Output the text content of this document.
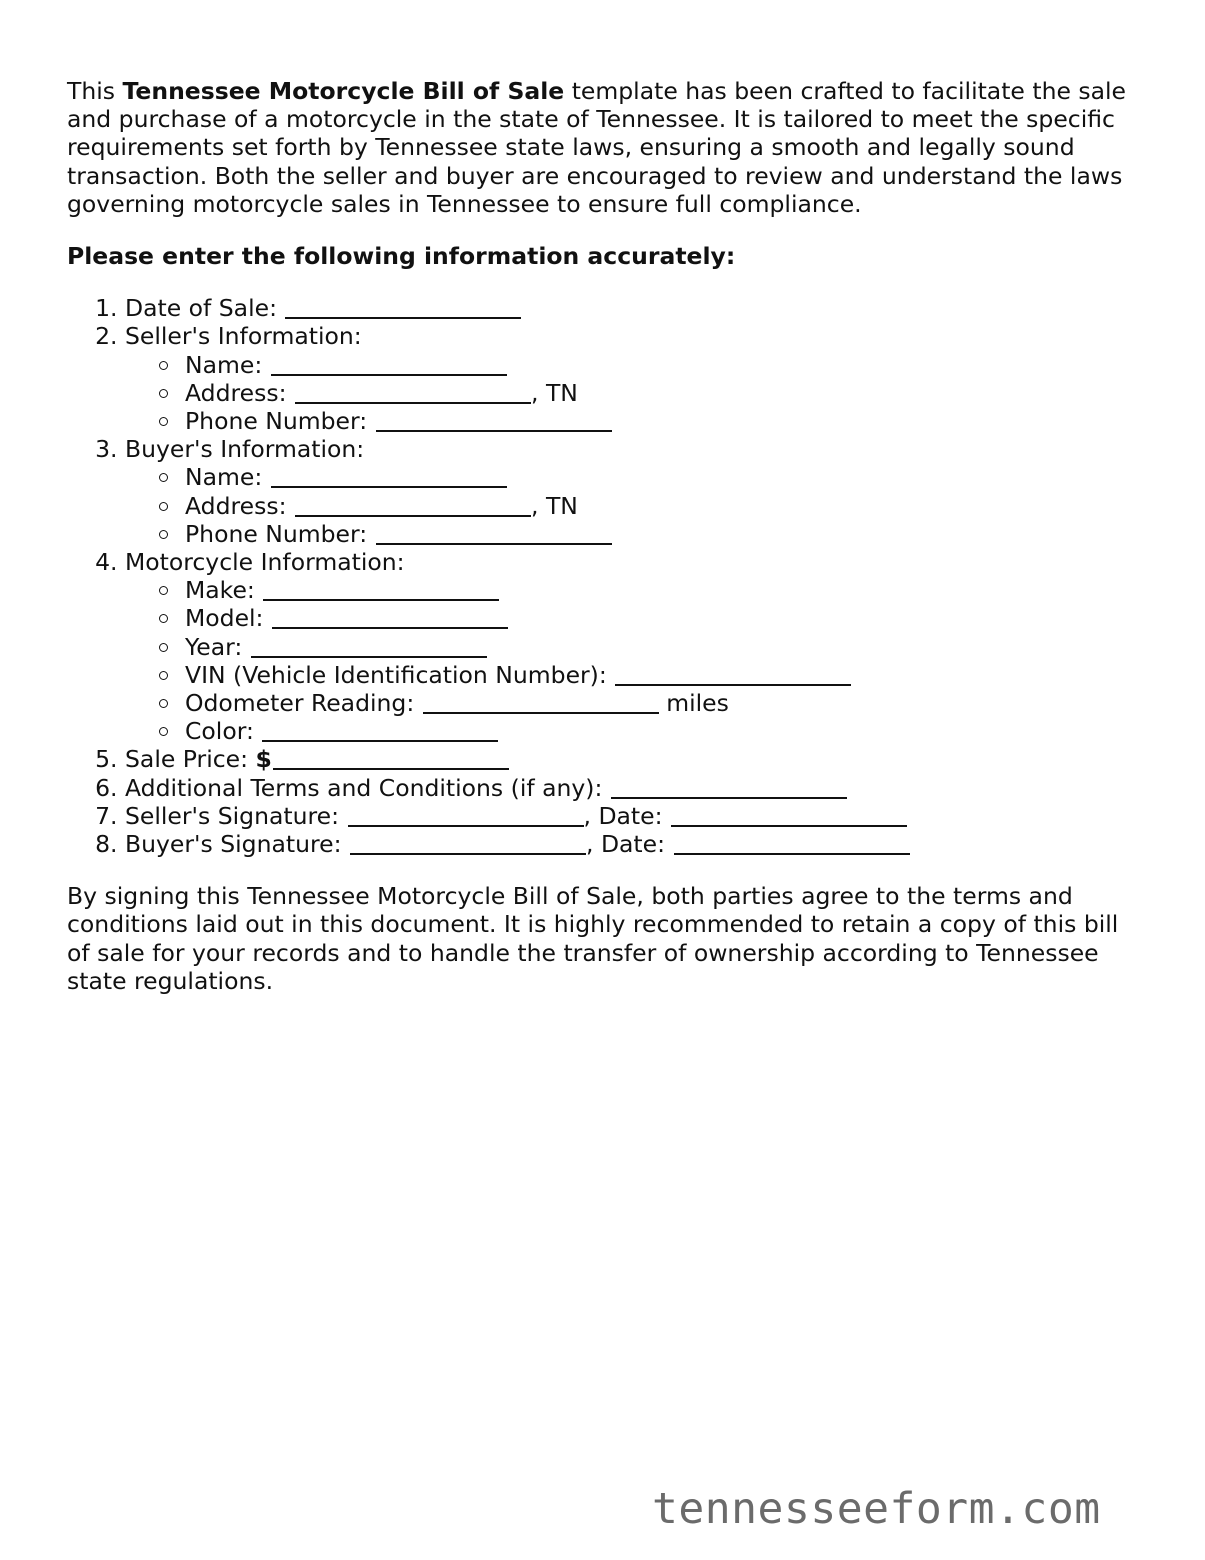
This Tennessee Motorcycle Bill of Sale template has been crafted to facilitate the sale and purchase of a motorcycle in the state of Tennessee. It is tailored to meet the specific requirements set forth by Tennessee state laws, ensuring a smooth and legally sound transaction. Both the seller and buyer are encouraged to review and understand the laws governing motorcycle sales in Tennessee to ensure full compliance.

Please enter the following information accurately:

1. Date of Sale:
2. Seller's Information:
Name:
Address:	, TN
Phone Number:
3. Buyer's Information:
Name:
Address:	, TN
Phone Number:
4. Motorcycle Information:
Make:
Model:
Year:
VIN (Vehicle Identification Number):
Odometer Reading:	miles
Color:
5. Sale Price: $
6. Additional Terms and Conditions (if any):
7. Seller's Signature:	, Date:
8. Buyer's Signature:	, Date:

By signing this Tennessee Motorcycle Bill of Sale, both parties agree to the terms and conditions laid out in this document. It is highly recommended to retain a copy of this bill of sale for your records and to handle the transfer of ownership according to Tennessee state regulations.

tennesseeform.com
